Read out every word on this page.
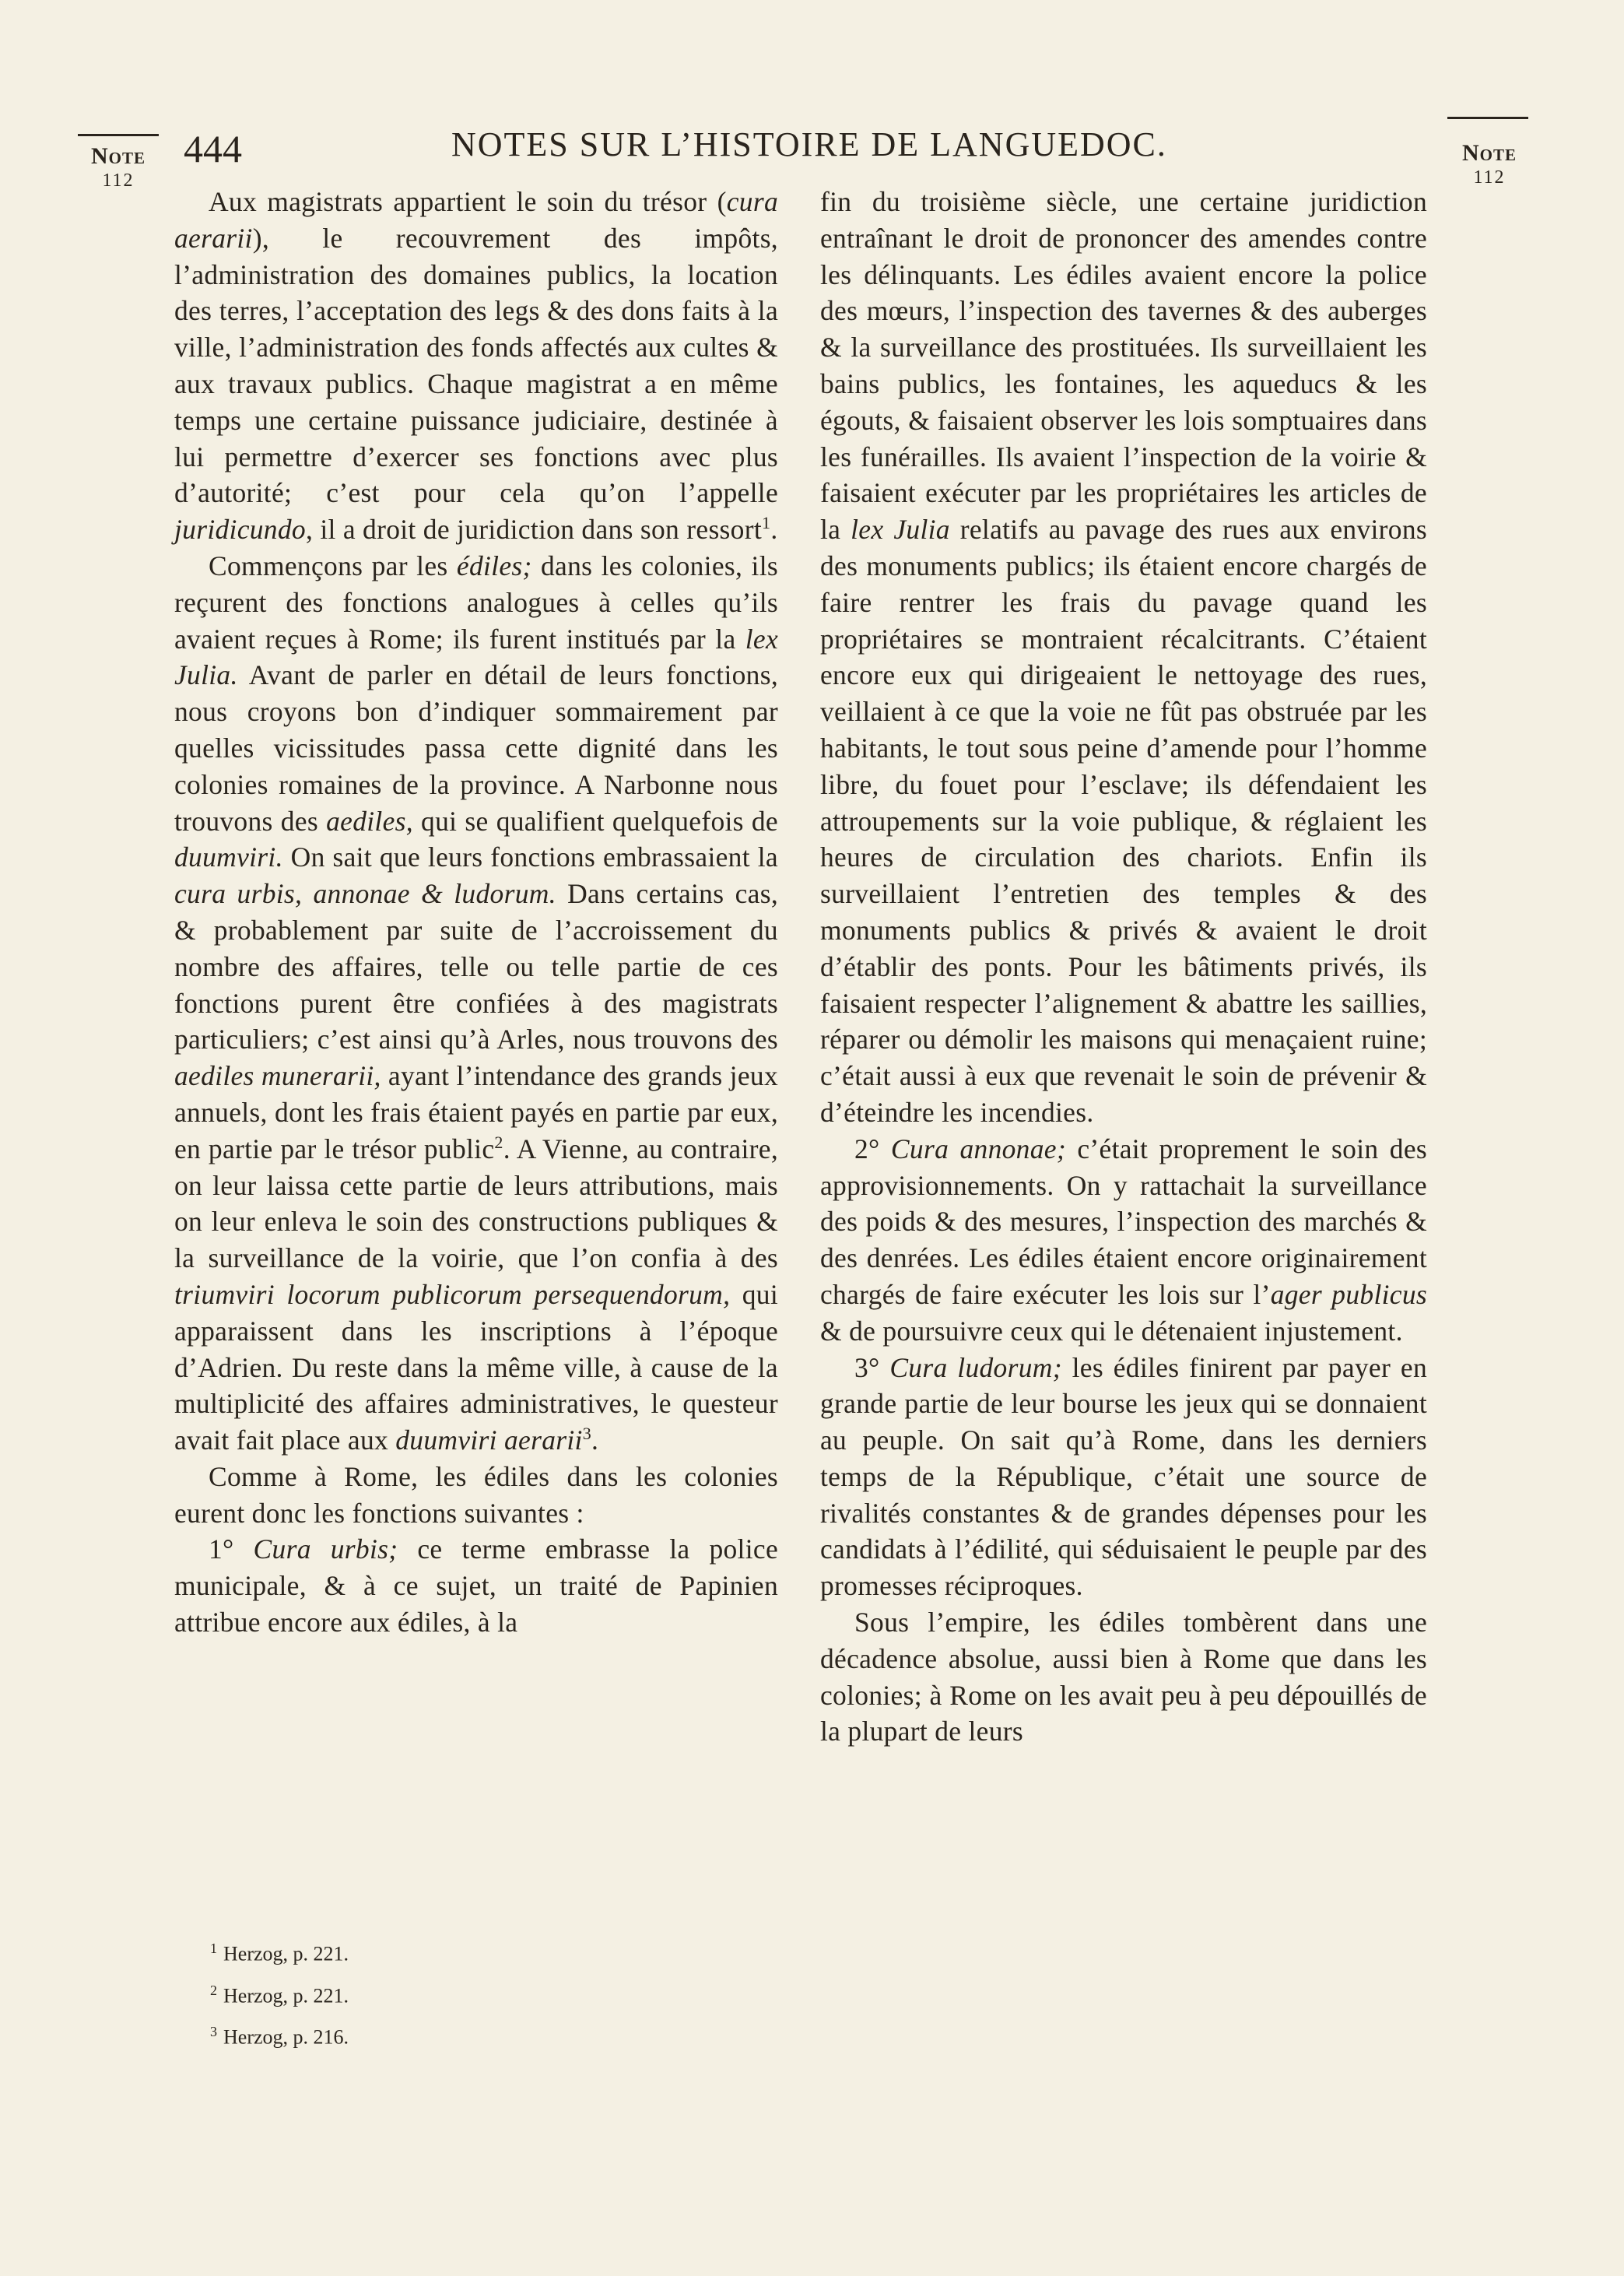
Note
112
Note
112
444	NOTES SUR L’HISTOIRE DE LANGUEDOC.

Aux magistrats appartient le soin du trésor (cura aerarii), le recouvrement des impôts, l’administration des domaines publics, la location des terres, l’acceptation des legs & des dons faits à la ville, l’administration des fonds affectés aux cultes & aux travaux publics. Chaque magistrat a en même temps une certaine puissance judiciaire, destinée à lui permettre d’exercer ses fonctions avec plus d’autorité; c’est pour cela qu’on l’appelle juridicundo, il a droit de juridiction dans son ressort$^1$.

Commençons par les édiles; dans les colonies, ils reçurent des fonctions analogues à celles qu’ils avaient reçues à Rome; ils furent institués par la lex Julia. Avant de parler en détail de leurs fonctions, nous croyons bon d’indiquer sommairement par quelles vicissitudes passa cette dignité dans les colonies romaines de la province. A Narbonne nous trouvons des aediles, qui se qualifient quelquefois de duumviri. On sait que leurs fonctions embrassaient la cura urbis, annonae & ludorum. Dans certains cas, & probablement par suite de l’accroissement du nombre des affaires, telle ou telle partie de ces fonctions purent être confiées à des magistrats particuliers; c’est ainsi qu’à Arles, nous trouvons des aediles munerarii, ayant l’intendance des grands jeux annuels, dont les frais étaient payés en partie par eux, en partie par le trésor public$^2$. A Vienne, au contraire, on leur laissa cette partie de leurs attributions, mais on leur enleva le soin des constructions publiques & la surveillance de la voirie, que l’on confia à des triumviri locorum publicorum persequendorum, qui apparaissent dans les inscriptions à l’époque d’Adrien. Du reste dans la même ville, à cause de la multiplicité des affaires administratives, le questeur avait fait place aux duumviri aerarii$^3$.

Comme à Rome, les édiles dans les colonies eurent donc les fonctions suivantes :

1° Cura urbis; ce terme embrasse la police municipale, & à ce sujet, un traité de Papinien attribue encore aux édiles, à la

fin du troisième siècle, une certaine juridiction entraînant le droit de prononcer des amendes contre les délinquants. Les édiles avaient encore la police des mœurs, l’inspection des tavernes & des auberges & la surveillance des prostituées. Ils surveillaient les bains publics, les fontaines, les aqueducs & les égouts, & faisaient observer les lois somptuaires dans les funérailles. Ils avaient l’inspection de la voirie & faisaient exécuter par les propriétaires les articles de la lex Julia relatifs au pavage des rues aux environs des monuments publics; ils étaient encore chargés de faire rentrer les frais du pavage quand les propriétaires se montraient récalcitrants. C’étaient encore eux qui dirigeaient le nettoyage des rues, veillaient à ce que la voie ne fût pas obstruée par les habitants, le tout sous peine d’amende pour l’homme libre, du fouet pour l’esclave; ils défendaient les attroupements sur la voie publique, & réglaient les heures de circulation des chariots. Enfin ils surveillaient l’entretien des temples & des monuments publics & privés & avaient le droit d’établir des ponts. Pour les bâtiments privés, ils faisaient respecter l’alignement & abattre les saillies, réparer ou démolir les maisons qui menaçaient ruine; c’était aussi à eux que revenait le soin de prévenir & d’éteindre les incendies.

2° Cura annonae; c’était proprement le soin des approvisionnements. On y rattachait la surveillance des poids & des mesures, l’inspection des marchés & des denrées. Les édiles étaient encore originairement chargés de faire exécuter les lois sur l’ager publicus & de poursuivre ceux qui le détenaient injustement.

3° Cura ludorum; les édiles finirent par payer en grande partie de leur bourse les jeux qui se donnaient au peuple. On sait qu’à Rome, dans les derniers temps de la République, c’était une source de rivalités constantes & de grandes dépenses pour les candidats à l’édilité, qui séduisaient le peuple par des promesses réciproques.

Sous l’empire, les édiles tombèrent dans une décadence absolue, aussi bien à Rome que dans les colonies; à Rome on les avait peu à peu dépouillés de la plupart de leurs

$^1$ Herzog, p. 221.
$^2$ Herzog, p. 221.
$^3$ Herzog, p. 216.
